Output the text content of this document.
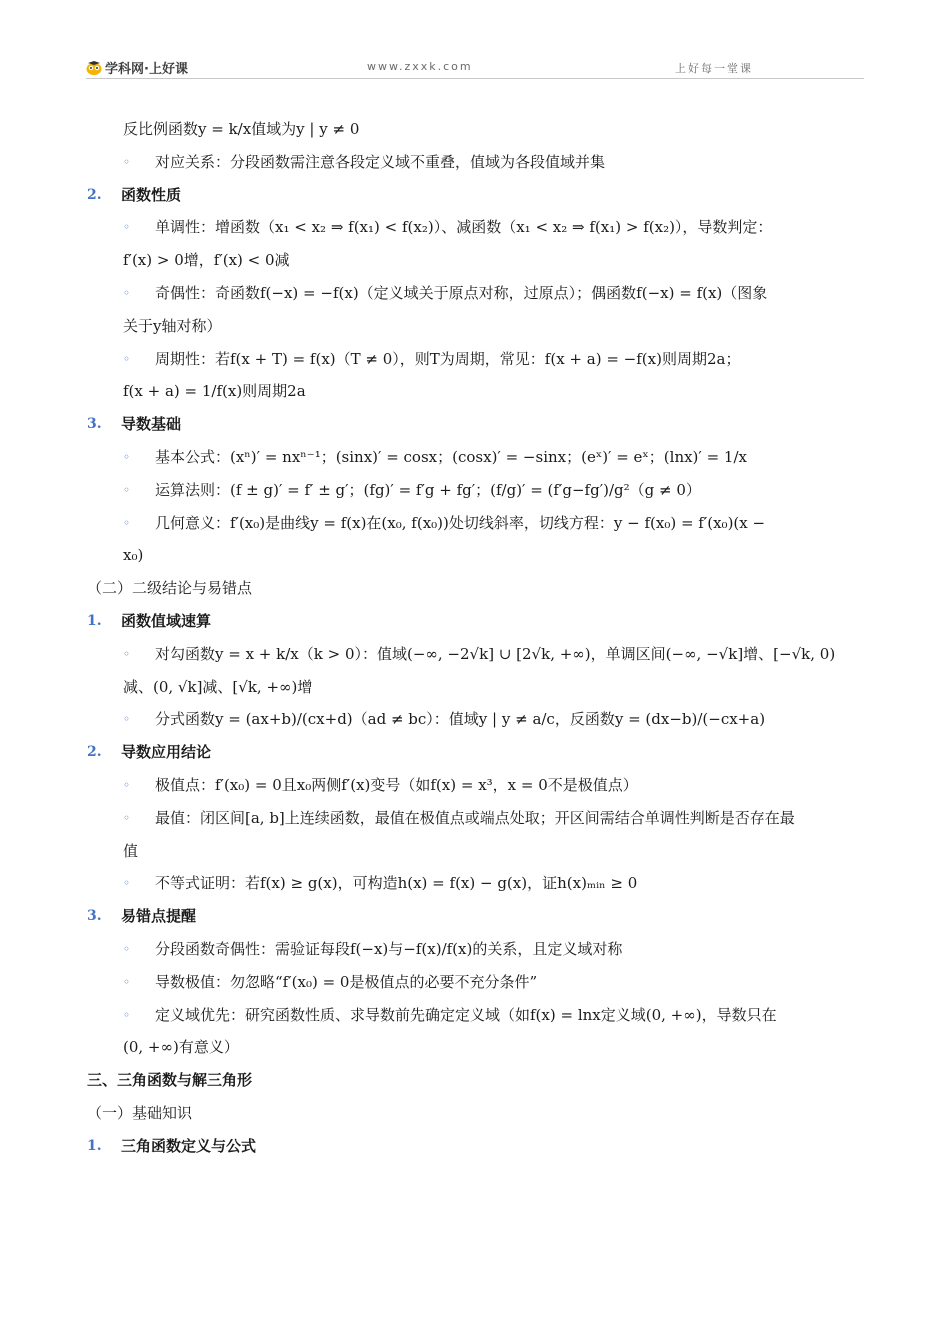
学科网·上好课	www.zxxk.com	上好每一堂课
反比例函数y = k/x值域为y | y ≠ 0
◦ 对应关系：分段函数需注意各段定义域不重叠，值域为各段值域并集
2. 函数性质
◦ 单调性：增函数（x₁ < x₂ ⇒ f(x₁) < f(x₂)）、减函数（x₁ < x₂ ⇒ f(x₁) > f(x₂)），导数判定：
f′(x) > 0增，f′(x) < 0减
◦ 奇偶性：奇函数f(−x) = −f(x)（定义域关于原点对称，过原点）；偶函数f(−x) = f(x)（图象
关于y轴对称）
◦ 周期性：若f(x + T) = f(x)（T ≠ 0），则T为周期，常见：f(x + a) = −f(x)则周期2a；
f(x + a) = 1/f(x)则周期2a
3. 导数基础
◦ 基本公式：(xⁿ)′ = nxⁿ⁻¹；(sinx)′ = cosx；(cosx)′ = −sinx；(eˣ)′ = eˣ；(lnx)′ = 1/x
◦ 运算法则：(f ± g)′ = f′ ± g′；(fg)′ = f′g + fg′；(f/g)′ = (f′g−fg′)/g²（g ≠ 0）
◦ 几何意义：f′(x₀)是曲线y = f(x)在(x₀, f(x₀))处切线斜率，切线方程：y − f(x₀) = f′(x₀)(x −
x₀)
（二）二级结论与易错点
1. 函数值域速算
◦ 对勾函数y = x + k/x（k > 0）：值域(−∞, −2√k] ∪ [2√k, +∞)，单调区间(−∞, −√k]增、[−√k, 0)
减、(0, √k]减、[√k, +∞)增
◦ 分式函数y = (ax+b)/(cx+d)（ad ≠ bc）：值域y | y ≠ a/c，反函数y = (dx−b)/(−cx+a)
2. 导数应用结论
◦ 极值点：f′(x₀) = 0且x₀两侧f′(x)变号（如f(x) = x³，x = 0不是极值点）
◦ 最值：闭区间[a, b]上连续函数，最值在极值点或端点处取；开区间需结合单调性判断是否存在最
值
◦ 不等式证明：若f(x) ≥ g(x)，可构造h(x) = f(x) − g(x)，证h(x)ₘᵢₙ ≥ 0
3. 易错点提醒
◦ 分段函数奇偶性：需验证每段f(−x)与−f(x)/f(x)的关系，且定义域对称
◦ 导数极值：勿忽略“f′(x₀) = 0是极值点的必要不充分条件”
◦ 定义域优先：研究函数性质、求导数前先确定定义域（如f(x) = lnx定义域(0, +∞)，导数只在
(0, +∞)有意义）
三、三角函数与解三角形
（一）基础知识
1. 三角函数定义与公式
